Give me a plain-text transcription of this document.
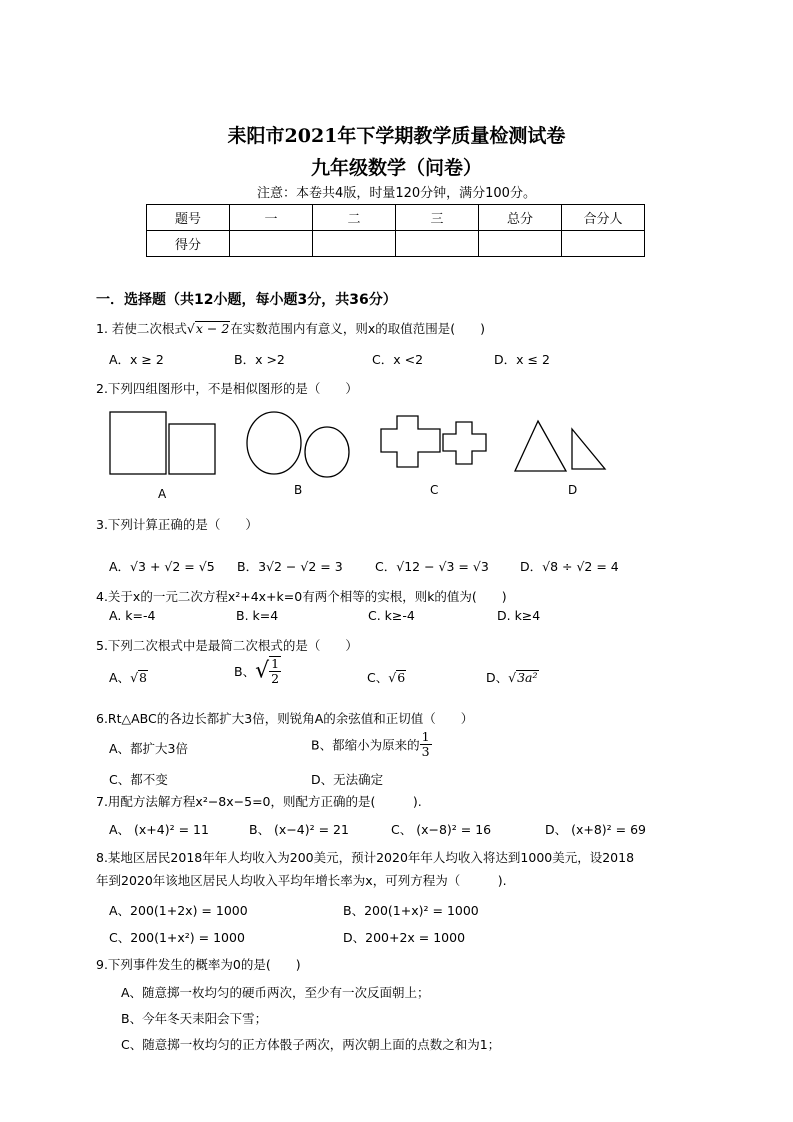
耒阳市2021年下学期教学质量检测试卷
九年级数学（问卷）
注意：本卷共4版，时量120分钟，满分100分。
题号	一	二	三	总分	合分人
得分					
一．选择题（共12小题，每小题3分，共36分）
1. 若使二次根式√x − 2在实数范围内有意义，则x的取值范围是(　　)
A．x ≥ 2	B．x >2	C．x <2	D．x ≤ 2
2.下列四组图形中，不是相似图形的是（　　）
A	B	C	D
3.下列计算正确的是（　　）
A．√3 + √2 = √5 B．3√2 − √2 = 3	C．√12 − √3 = √3 D．√8 ÷ √2 = 4
4.关于x的一元二次方程x²+4x+k=0有两个相等的实根，则k的值为(　　)
A. k=-4	B. k=4	C. k≥-4	D. k≥4
5.下列二次根式中是最简二次根式的是（　　）
A、√8	B、√ $\frac{1}{2}$	C、√6	D、√3a²
6.Rt△ABC的各边长都扩大3倍，则锐角A的余弦值和正切值（　　）
A、都扩大3倍	B、都缩小为原来的 $\frac{1}{3}$
C、都不变	D、无法确定
7.用配方法解方程x²−8x−5=0，则配方正确的是(　　　).
A、 (x+4)² = 11	B、 (x−4)² = 21	C、 (x−8)² = 16	D、 (x+8)² = 69
8.某地区居民2018年年人均收入为200美元，预计2020年年人均收入将达到1000美元，设2018
年到2020年该地区居民人均收入平均年增长率为x，可列方程为（　　　).
A、200(1+2x) = 1000	B、200(1+x)² = 1000
C、200(1+x²) = 1000	D、200+2x = 1000
9.下列事件发生的概率为0的是(　　)
A、随意掷一枚均匀的硬币两次，至少有一次反面朝上；
B、今年冬天耒阳会下雪；
C、随意掷一枚均匀的正方体骰子两次，两次朝上面的点数之和为1；
